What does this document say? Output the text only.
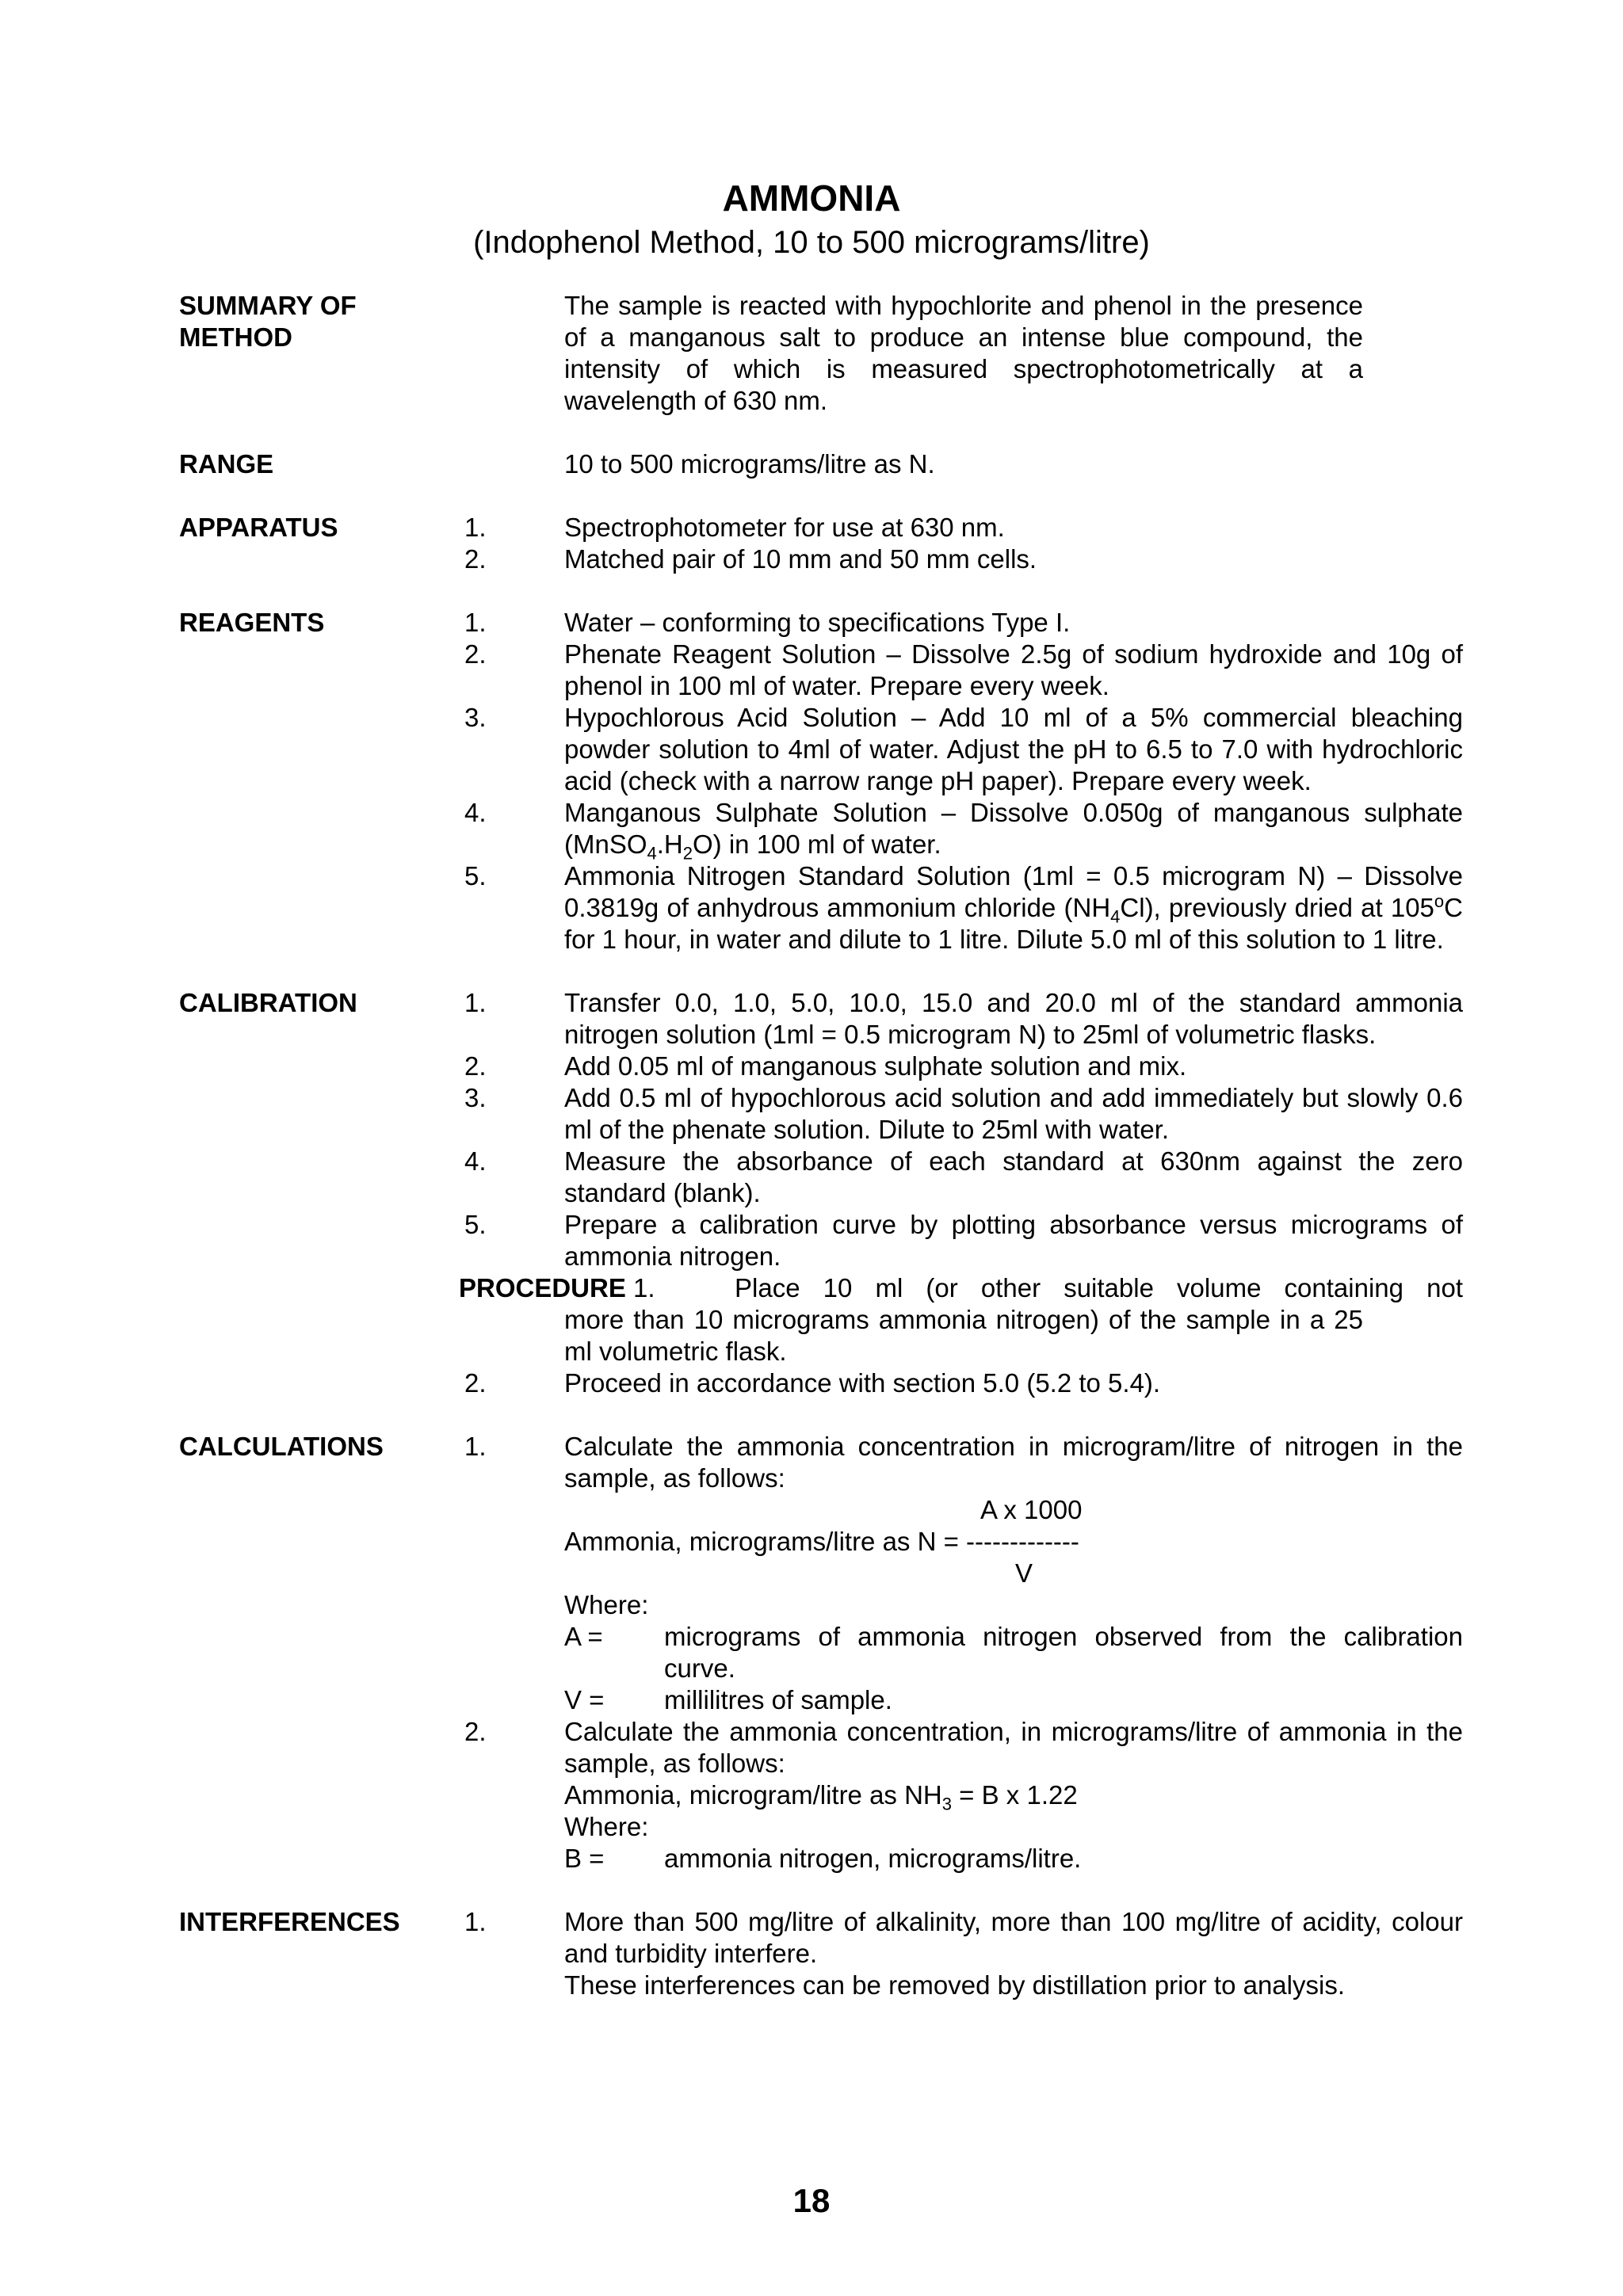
AMMONIA
(Indophenol Method, 10 to 500 micrograms/litre)
SUMMARY OF
METHOD
The sample is reacted with hypochlorite and phenol in the presence of a manganous salt to produce an intense blue compound, the intensity of which is measured spectrophotometrically at a wavelength of 630 nm.
RANGE	10 to 500 micrograms/litre as N.
APPARATUS	1.	Spectrophotometer for use at 630 nm.
2.	Matched pair of 10 mm and 50 mm cells.
REAGENTS	1.	Water – conforming to specifications Type I.
2.	Phenate Reagent Solution – Dissolve 2.5g of sodium hydroxide and 10g of phenol in 100 ml of water. Prepare every week.
3.	Hypochlorous Acid Solution – Add 10 ml of a 5% commercial bleaching powder solution to 4ml of water. Adjust the pH to 6.5 to 7.0 with hydrochloric acid (check with a narrow range pH paper). Prepare every week.
4.	Manganous Sulphate Solution – Dissolve 0.050g of manganous sulphate $(MnSO_4.H_2O)$ in 100 ml of water.
5.	Ammonia Nitrogen Standard Solution (1ml = 0.5 microgram N) – Dissolve 0.3819g of anhydrous ammonium chloride $(NH_4Cl)$, previously dried at 105$^o$C for 1 hour, in water and dilute to 1 litre. Dilute 5.0 ml of this solution to 1 litre.
CALIBRATION	1.	Transfer 0.0, 1.0, 5.0, 10.0, 15.0 and 20.0 ml of the standard ammonia nitrogen solution (1ml = 0.5 microgram N) to 25ml of volumetric flasks.
2.	Add 0.05 ml of manganous sulphate solution and mix.
3.	Add 0.5 ml of hypochlorous acid solution and add immediately but slowly 0.6 ml of the phenate solution. Dilute to 25ml with water.
4.	Measure the absorbance of each standard at 630nm against the zero standard (blank).
5.	Prepare a calibration curve by plotting absorbance versus micrograms of ammonia nitrogen.
PROCEDURE 1.	Place 10 ml (or other suitable volume containing not
more than 10 micrograms ammonia nitrogen) of the sample in a 25 ml volumetric flask.
2.	Proceed in accordance with section 5.0 (5.2 to 5.4).
CALCULATIONS	1.	Calculate the ammonia concentration in microgram/litre of nitrogen in the sample, as follows:
A x 1000
Ammonia, micrograms/litre as N = -------------
V
Where:
A =	micrograms of ammonia nitrogen observed from the calibration curve.
V =	millilitres of sample.
2.	Calculate the ammonia concentration, in micrograms/litre of ammonia in the sample, as follows:
Ammonia, microgram/litre as $NH_3 = B$ x 1.22
Where:
B =	ammonia nitrogen, micrograms/litre.
INTERFERENCES	1.	More than 500 mg/litre of alkalinity, more than 100 mg/litre of acidity, colour and turbidity interfere.
These interferences can be removed by distillation prior to analysis.
18
